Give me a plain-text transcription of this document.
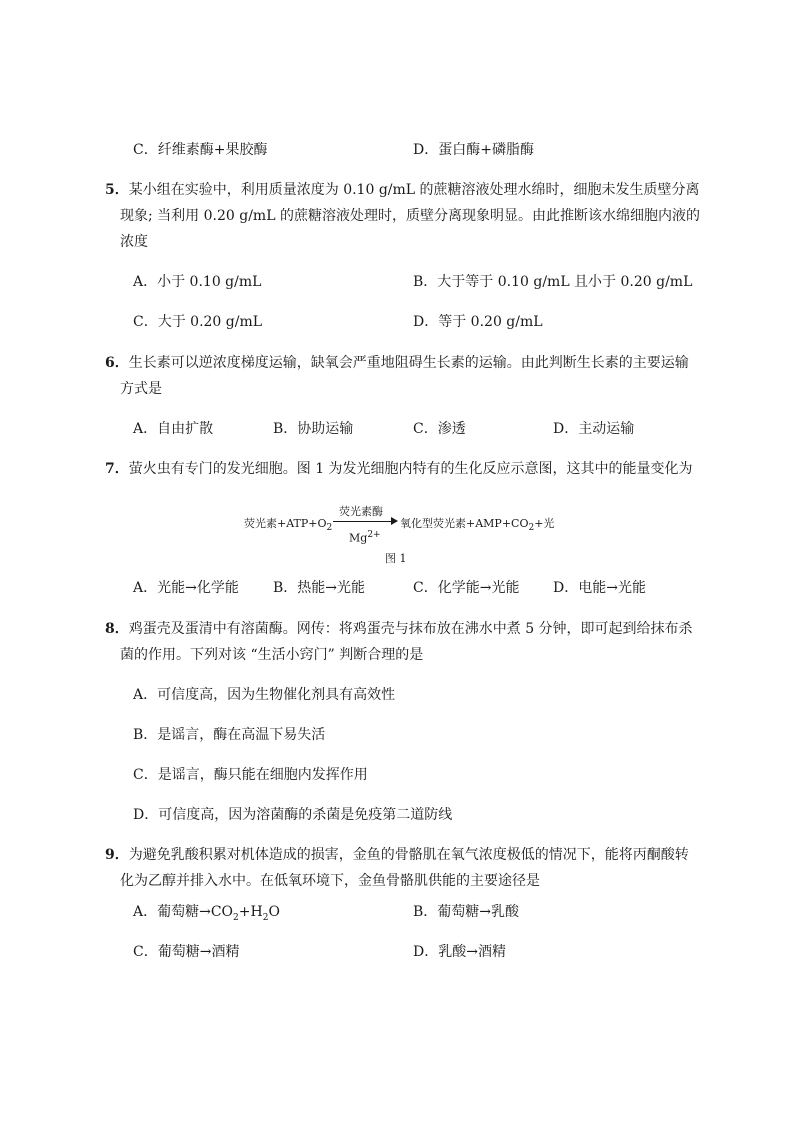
C．纤维素酶+果胶酶	D．蛋白酶+磷脂酶
5．某小组在实验中，利用质量浓度为 0.10 g/mL 的蔗糖溶液处理水绵时，细胞未发生质壁分离
现象; 当利用 0.20 g/mL 的蔗糖溶液处理时，质壁分离现象明显。由此推断该水绵细胞内液的
浓度
A．小于 0.10 g/mL	B．大于等于 0.10 g/mL 且小于 0.20 g/mL
C．大于 0.20 g/mL	D．等于 0.20 g/mL
6．生长素可以逆浓度梯度运输，缺氧会严重地阻碍生长素的运输。由此判断生长素的主要运输
方式是
A．自由扩散	B．协助运输	C．渗透	D．主动运输
7．萤火虫有专门的发光细胞。图 1 为发光细胞内特有的生化反应示意图，这其中的能量变化为
荧光素$+ATP+O_2$
荧光素酶
$Mg^{2+}$
氧化型荧光素$+AMP+CO_2+$光
图 1
A．光能→化学能 B．热能→光能	C．化学能→光能 D．电能→光能
8．鸡蛋壳及蛋清中有溶菌酶。网传：将鸡蛋壳与抹布放在沸水中煮 5 分钟，即可起到给抹布杀
菌的作用。下列对该 “生活小窍门” 判断合理的是
A．可信度高，因为生物催化剂具有高效性
B．是谣言，酶在高温下易失活
C．是谣言，酶只能在细胞内发挥作用
D．可信度高，因为溶菌酶的杀菌是免疫第二道防线
9．为避免乳酸积累对机体造成的损害，金鱼的骨骼肌在氧气浓度极低的情况下，能将丙酮酸转
化为乙醇并排入水中。在低氧环境下，金鱼骨骼肌供能的主要途径是
A．葡萄糖$\to CO_2+H_2O$	B．葡萄糖→乳酸
C．葡萄糖→酒精	D．乳酸→酒精
